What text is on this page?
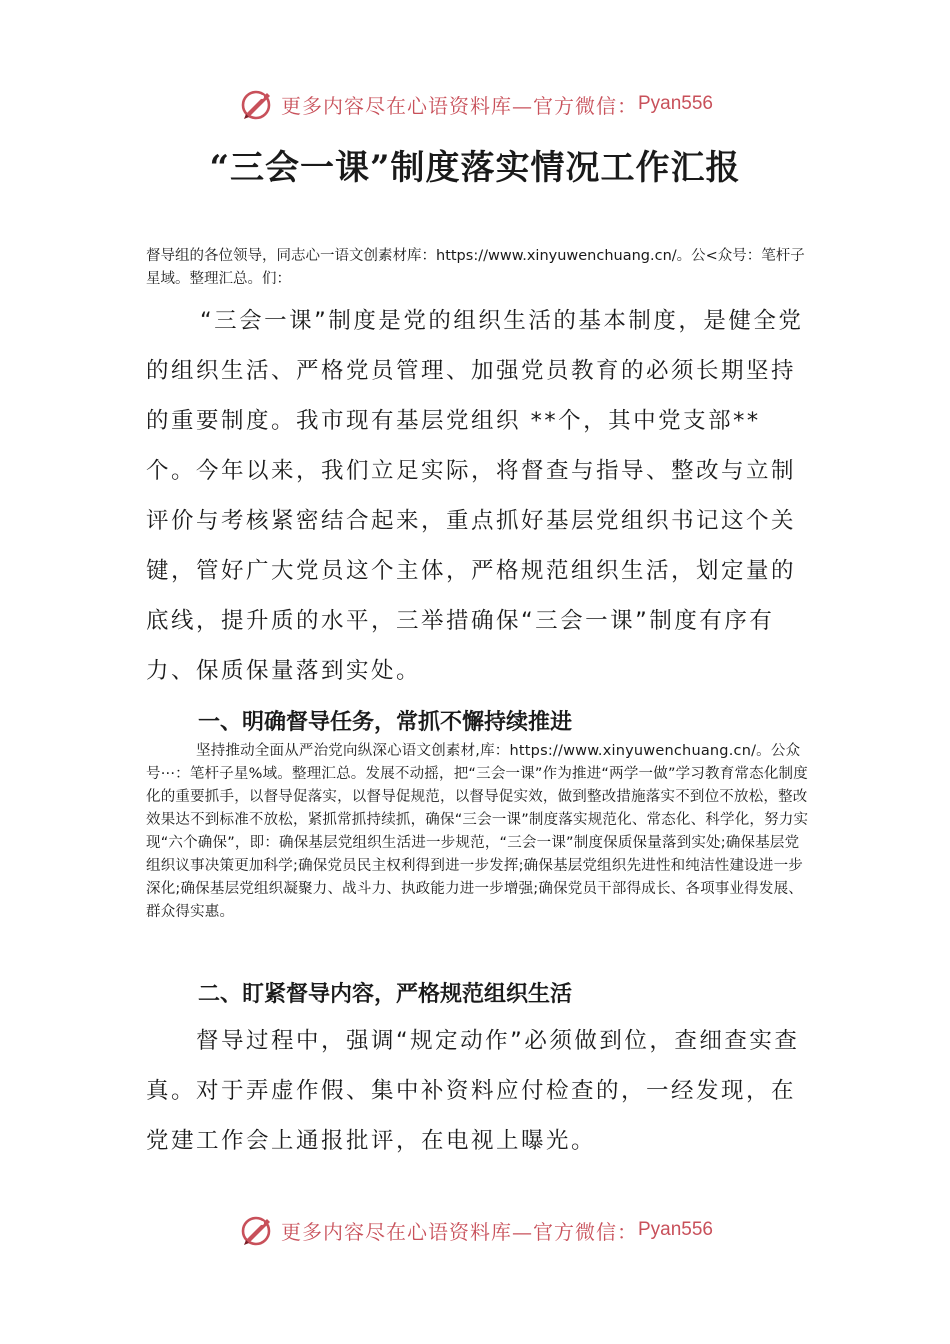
更多内容尽在心语资料库—官方微信： Pyan556
“三会一课”制度落实情况工作汇报
督导组的各位领导，同志心一语文创素材库：https://www.xinyuwenchuang.cn/。公<众号：笔杆子星域。整理汇总。们：
“三会一课”制度是党的组织生活的基本制度，是健全党的组织生活、严格党员管理、加强党员教育的必须长期坚持的重要制度。我市现有基层党组织 **个，其中党支部**个。今年以来，我们立足实际，将督查与指导、整改与立制评价与考核紧密结合起来，重点抓好基层党组织书记这个关键，管好广大党员这个主体，严格规范组织生活，划定量的底线，提升质的水平，三举措确保“三会一课”制度有序有力、保质保量落到实处。
一、明确督导任务，常抓不懈持续推进
坚持推动全面从严治党向纵深心语文创素材,库：https://www.xinyuwenchuang.cn/。公众号···：笔杆子星%域。整理汇总。发展不动摇，把“三会一课”作为推进“两学一做”学习教育常态化制度化的重要抓手，以督导促落实，以督导促规范，以督导促实效，做到整改措施落实不到位不放松，整改效果达不到标准不放松，紧抓常抓持续抓，确保“三会一课”制度落实规范化、常态化、科学化，努力实现“六个确保”，即：确保基层党组织生活进一步规范，“三会一课”制度保质保量落到实处;确保基层党组织议事决策更加科学;确保党员民主权利得到进一步发挥;确保基层党组织先进性和纯洁性建设进一步深化;确保基层党组织凝聚力、战斗力、执政能力进一步增强;确保党员干部得成长、各项事业得发展、群众得实惠。
二、盯紧督导内容，严格规范组织生活
督导过程中，强调“规定动作”必须做到位，查细查实查真。对于弄虚作假、集中补资料应付检查的，一经发现，在党建工作会上通报批评，在电视上曝光。
更多内容尽在心语资料库—官方微信： Pyan556
